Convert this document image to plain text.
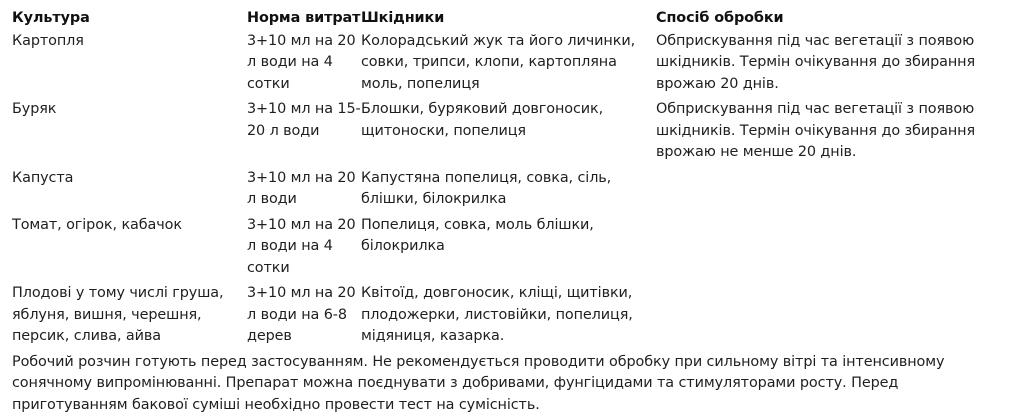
Культура	Норма витрат	Шкідники	Спосіб обробки
Картопля	3+10 мл на 20 л води на 4 сотки	Колорадський жук та його личинки, совки, трипси, клопи, картопляна моль, попелиця	Обприскування під час вегетації з появою шкідників. Термін очікування до збирання врожаю 20 днів.
Буряк	3+10 мл на 15-20 л води	Блошки, буряковий довгоносик, щитоноски, попелиця	Обприскування під час вегетації з появою шкідників. Термін очікування до збирання врожаю не менше 20 днів.
Капуста	3+10 мл на 20 л води	Капустяна попелиця, совка, сіль, блішки, білокрилка	
Томат, огірок, кабачок	3+10 мл на 20 л води на 4 сотки	Попелиця, совка, моль блішки, білокрилка	
Плодові у тому числі груша, яблуня, вишня, черешня, персик, слива, айва	3+10 мл на 20 л води на 6-8 дерев	Квітоїд, довгоносик, кліщі, щитівки, плодожерки, листовійки, попелиця, мідяниця, казарка.	

Робочий розчин готують перед застосуванням. Не рекомендується проводити обробку при сильному вітрі та інтенсивному сонячному випромінюванні. Препарат можна поєднувати з добривами, фунгіцидами та стимуляторами росту. Перед приготуванням бакової суміші необхідно провести тест на сумісність.
